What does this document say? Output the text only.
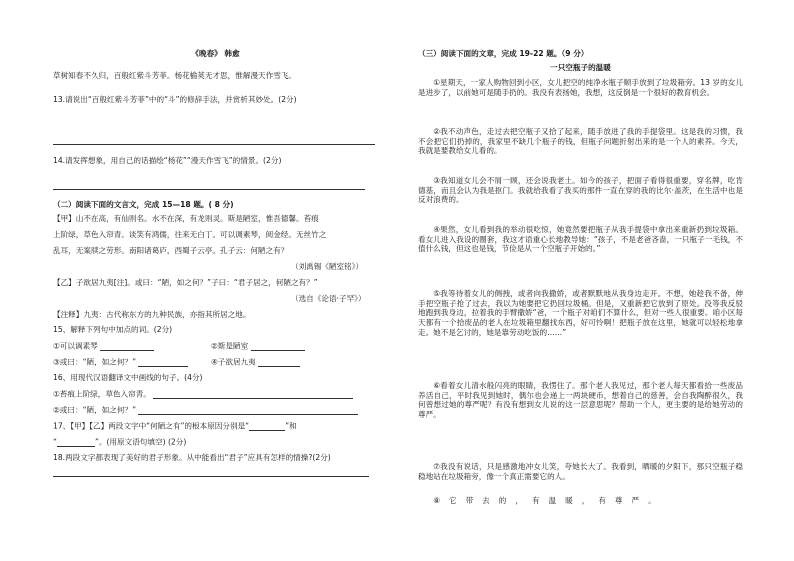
《晚春》 韩愈
草树知春不久归，百般红紫斗芳菲。杨花榆荚无才思，惟解漫天作雪飞。
13.请说出“百般红紫斗芳菲”中的“斗”的修辞手法，并赏析其妙处。(2分)
14.请发挥想象，用自己的话描绘“杨花”“漫天作雪飞”的情景。(2分)
（二）阅读下面的文言文，完成 15—18 题。( 8 分)
【甲】山不在高，有仙则名。水不在深，有龙则灵。斯是陋室，惟吾德馨。苔痕
上阶绿，草色入帘青。谈笑有鸿儒，往来无白丁。可以调素琴，阅金经。无丝竹之
乱耳，无案牍之劳形。南阳诸葛庐，西蜀子云亭。孔子云：何陋之有？
（刘禹锡《陋室铭》）
【乙】子欲居九夷[注]。或曰：“陋，如之何？”子曰：“君子居之，何陋之有？”
（选自《论语·子罕》）
【注释】九夷：古代称东方的九种民族，亦指其所居之地。
15、解释下列句中加点的词。(2分)
①可以调素琴	②斯是陋室
③或曰：“陋，如之何？”	④子欲居九夷
16、用现代汉语翻译文中画线的句子。(4分)
①苔痕上阶绿，草色入帘青。
②或曰：“陋，如之何？”
17、【甲】【乙】两段文字中“何陋之有”的根本原因分别是“	”和
“	”。(用原文语句填空) (2分)
18.两段文字都表现了美好的君子形象。从中能看出“君子”应具有怎样的情操?(2分)
（三）阅读下面的文章，完成 19-22 题。（9 分）
一只空瓶子的温暖
①星期天，一家人购物回到小区，女儿把空的纯净水瓶子顺手放到了垃圾箱旁。13 岁的女儿是进步了，以前她可是随手扔的。我没有表扬她，我想，这反倒是一个很好的教育机会。
②我不动声色，走过去把空瓶子又拾了起来，随手放进了我的手提袋里。这是我的习惯，我不会把它们扔掉的，我家里不缺几个瓶子的钱，但瓶子问题折射出来的是一个人的素养。今天，我就是要教给女儿看的。
③我知道女儿会不屑一顾，还会说我老土。如今的孩子，把面子看得很重要，穿名牌，吃肯德基，而且会认为我是抠门。我就给我看了我买的那件一直在穿的我的比尔·盖茨，在生活中也是反对浪费的。
④果然，女儿看到我的举动很吃惊，她竟然要把瓶子从我手提袋中拿出来重新扔到垃圾箱。看女儿进入我设的圈套，我这才语重心长地教导她：“孩子，不是老爸吝啬，一只瓶子一毛钱，不值什么钱，但这也是钱，节俭是从一个空瓶子开始的。”
⑤我等待着女儿的侧拽，或者向我撒娇，或者默默地从我身边走开。不想，她趁我不备，伸手把空瓶子抢了过去，我以为她要把它扔回垃圾桶。但是，又重新把它放到了原处。没等我反驳地跑到我身边，拉着我的手臂撒娇“爸，一个瓶子对咱们不算什么，但对一些人很重要。咱小区每天都有一个拾废品的老人在垃圾箱里翻找东西，好可怜啊！把瓶子放在这里，她就可以轻松地拿走。她不是乞讨的，她是靠劳动吃饭的……”
⑥看着女儿清水般闪亮的眼睛，我愣住了。那个老人我见过，那个老人每天都看拾一些废品养活自己，平时我见到她时，偶尔也会递上一两块硬币，想着自己的慈善，会自我陶醉很久，我何曾想过她的尊严呢？有没有想到女儿说的这一层意思呢？帮助一个人，更主要的是给她劳动的尊严。
⑦我没有说话，只是感激地冲女儿笑，夸她长大了。我看到，晒暖的夕阳下，那只空瓶子稳稳地站在垃圾箱旁，像一个真正需要它的人。
⑧它带去的，有温暖，有尊严。
